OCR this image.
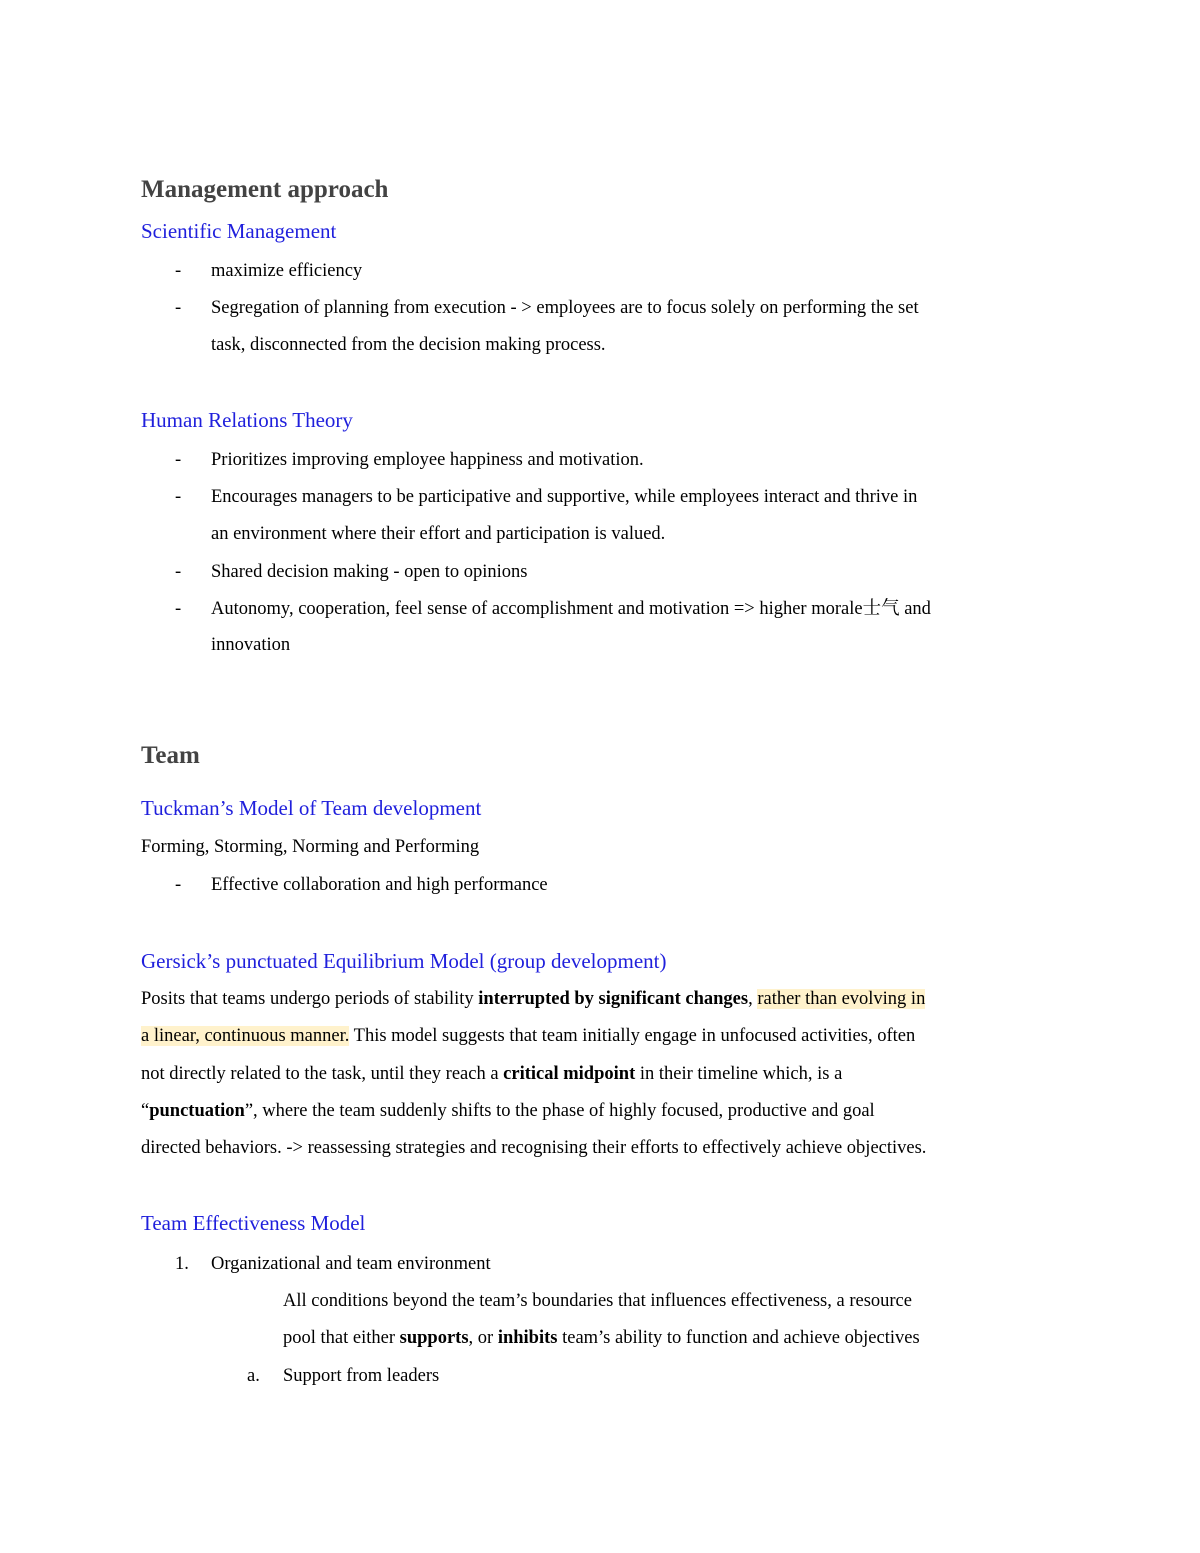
Management approach
Scientific Management
- maximize efficiency
- Segregation of planning from execution - > employees are to focus solely on performing the set
task, disconnected from the decision making process.
Human Relations Theory
- Prioritizes improving employee happiness and motivation.
- Encourages managers to be participative and supportive, while employees interact and thrive in
an environment where their effort and participation is valued.
- Shared decision making - open to opinions
- Autonomy, cooperation, feel sense of accomplishment and motivation => higher morale士气 and
innovation
Team
Tuckman’s Model of Team development
Forming, Storming, Norming and Performing
- Effective collaboration and high performance
Gersick’s punctuated Equilibrium Model (group development)
Posits that teams undergo periods of stability interrupted by significant changes, rather than evolving in
a linear, continuous manner. This model suggests that team initially engage in unfocused activities, often
not directly related to the task, until they reach a critical midpoint in their timeline which, is a
“punctuation”, where the team suddenly shifts to the phase of highly focused, productive and goal
directed behaviors. -> reassessing strategies and recognising their efforts to effectively achieve objectives.
Team Effectiveness Model
1. Organizational and team environment
All conditions beyond the team’s boundaries that influences effectiveness, a resource
pool that either supports, or inhibits team’s ability to function and achieve objectives
a. Support from leaders
